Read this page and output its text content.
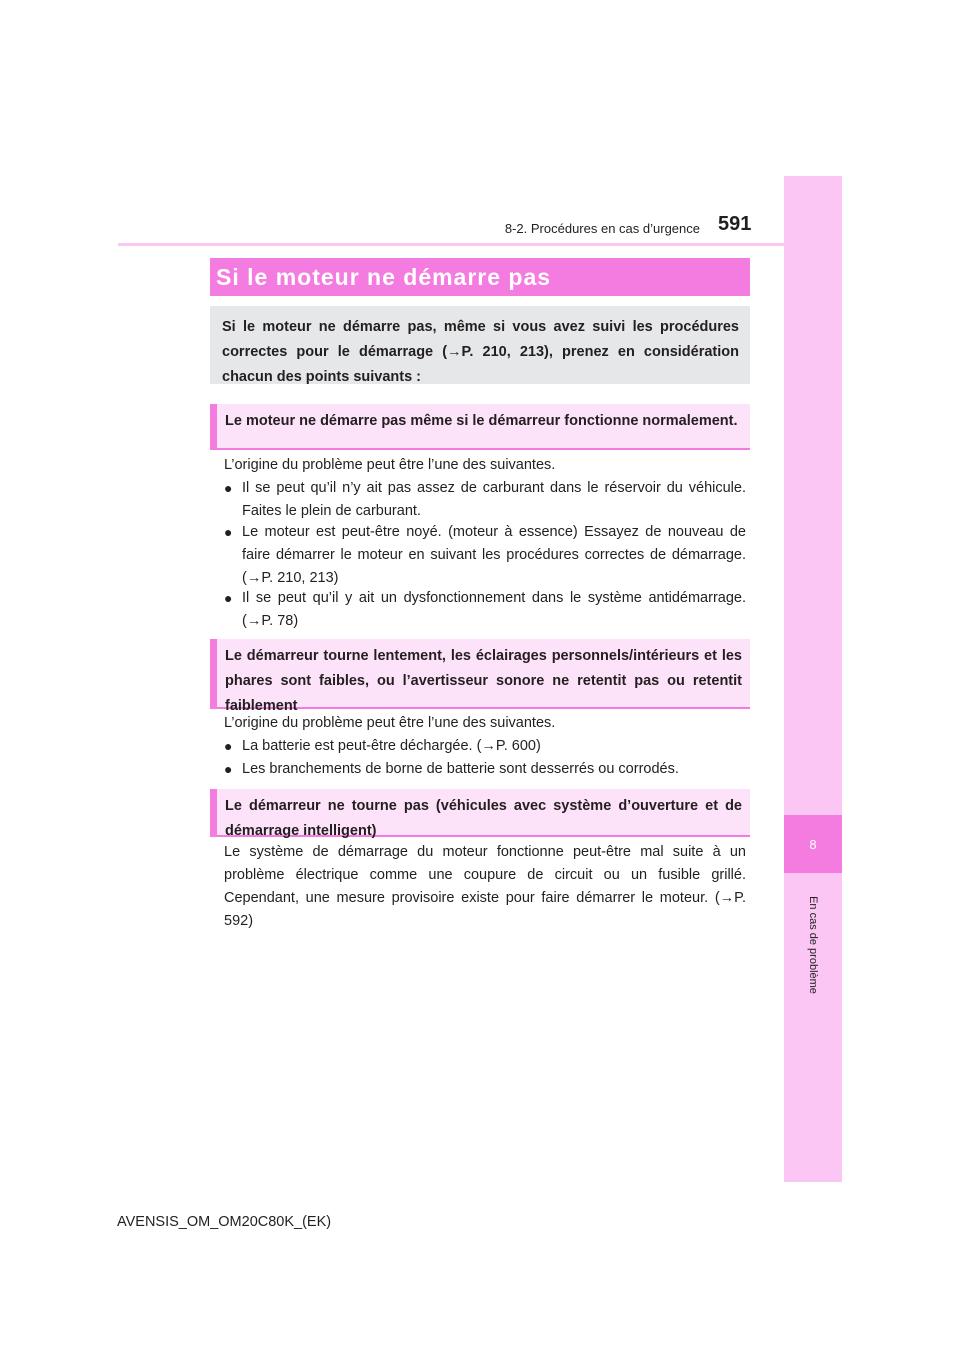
8
En cas de problème
8-2. Procédures en cas d’urgence 591
Si le moteur ne démarre pas
Si le moteur ne démarre pas, même si vous avez suivi les procédures correctes pour le démarrage (→P. 210, 213), prenez en considération chacun des points suivants :
Le moteur ne démarre pas même si le démarreur fonctionne normalement.
L’origine du problème peut être l’une des suivantes.
● Il se peut qu’il n’y ait pas assez de carburant dans le réservoir du véhicule. Faites le plein de carburant.
● Le moteur est peut-être noyé. (moteur à essence) Essayez de nouveau de faire démarrer le moteur en suivant les procédures correctes de démarrage. (→P. 210, 213)
● Il se peut qu’il y ait un dysfonctionnement dans le système antidémarrage. (→P. 78)
Le démarreur tourne lentement, les éclairages personnels/intérieurs et les phares sont faibles, ou l’avertisseur sonore ne retentit pas ou retentit faiblement
L’origine du problème peut être l’une des suivantes.
● La batterie est peut-être déchargée. (→P. 600)
● Les branchements de borne de batterie sont desserrés ou corrodés.
Le démarreur ne tourne pas (véhicules avec système d’ouverture et de démarrage intelligent)
Le système de démarrage du moteur fonctionne peut-être mal suite à un problème électrique comme une coupure de circuit ou un fusible grillé. Cependant, une mesure provisoire existe pour faire démarrer le moteur. (→P. 592)
AVENSIS_OM_OM20C80K_(EK)
